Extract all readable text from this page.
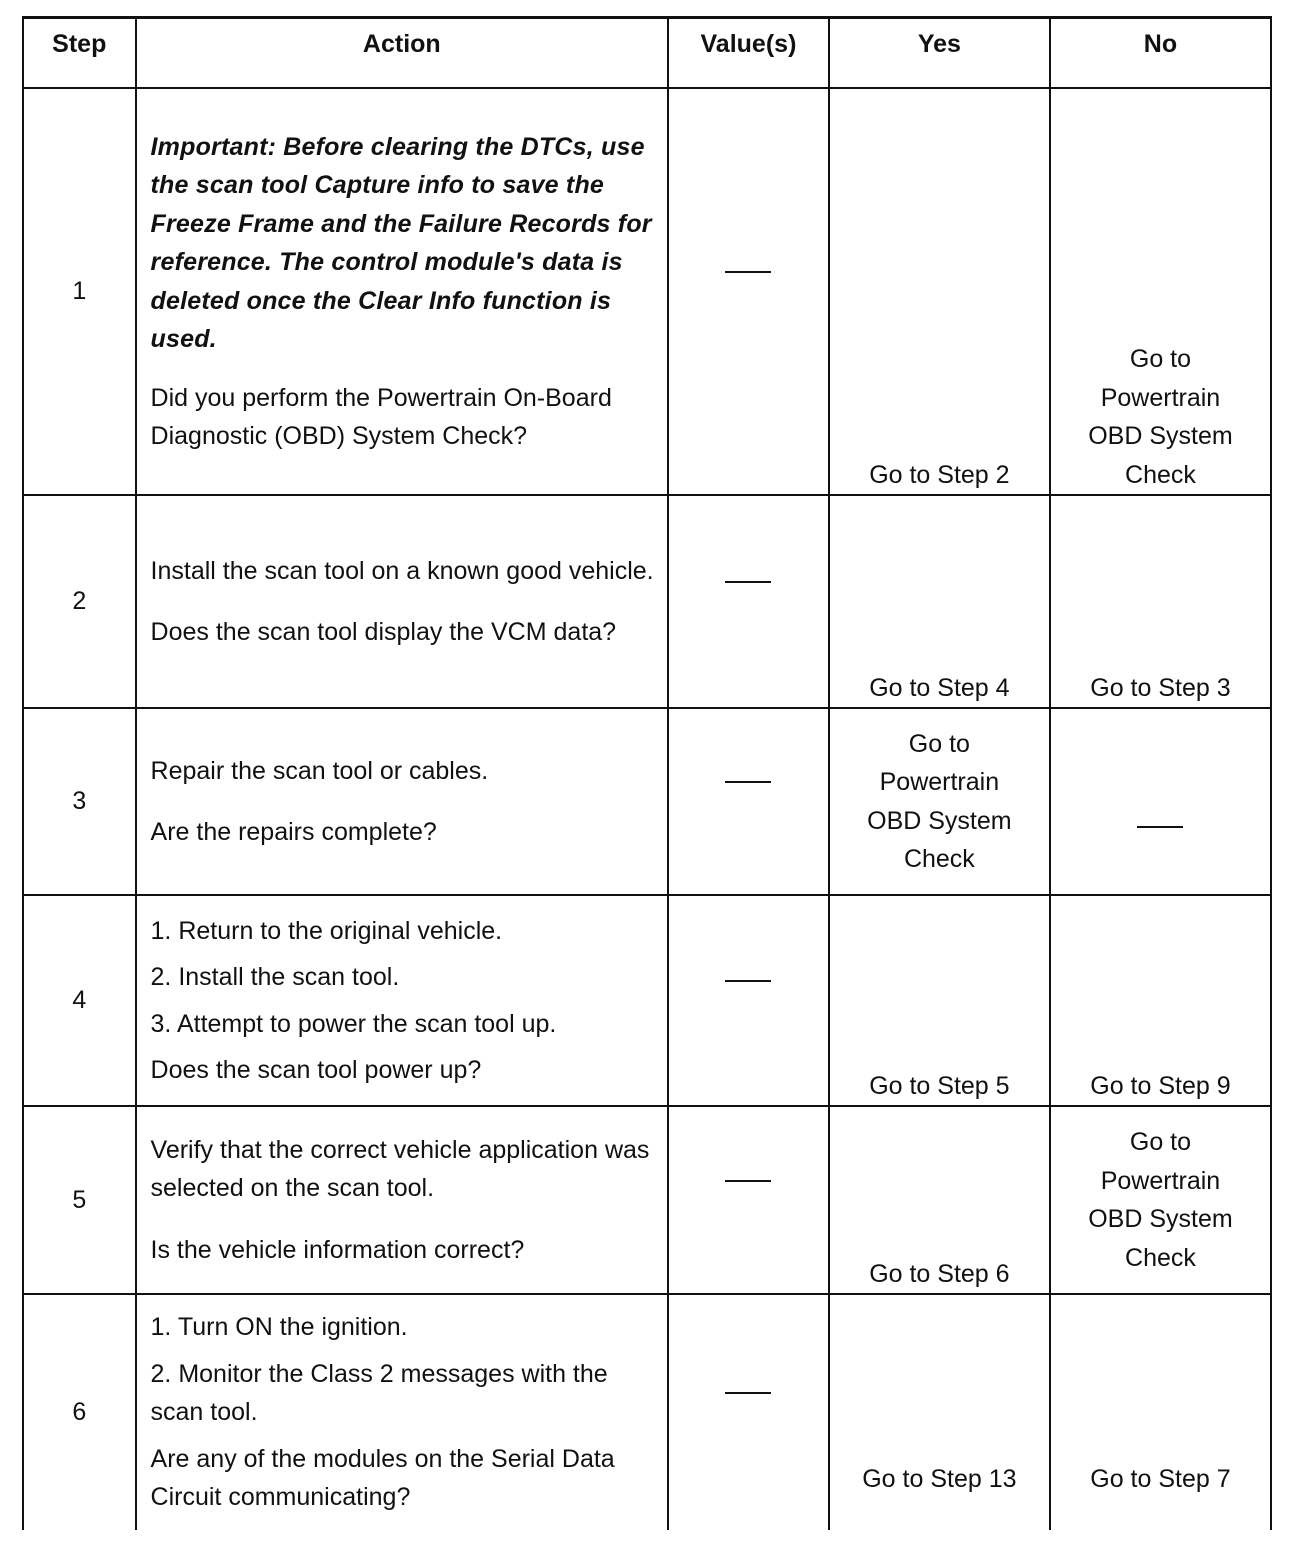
Step	Action	Value(s)	Yes	No
1	Important: Before clearing the DTCs, use the scan tool Capture info to save the Freeze Frame and the Failure Records for reference. The control module's data is deleted once the Clear Info function is used.

Did you perform the Powertrain On-Board Diagnostic (OBD) System Check?		Go to Step 2	Go to Powertrain OBD System Check
2	Install the scan tool on a known good vehicle.

Does the scan tool display the VCM data?		Go to Step 4	Go to Step 3
3	Repair the scan tool or cables.

Are the repairs complete?		Go to Powertrain OBD System Check	
4	1. Return to the original vehicle.

2. Install the scan tool.

3. Attempt to power the scan tool up.

Does the scan tool power up?		Go to Step 5	Go to Step 9
5	Verify that the correct vehicle application was selected on the scan tool.

Is the vehicle information correct?		Go to Step 6	Go to Powertrain OBD System Check
6	1. Turn ON the ignition.

2. Monitor the Class 2 messages with the scan tool.

Are any of the modules on the Serial Data Circuit communicating?		Go to Step 13	Go to Step 7
